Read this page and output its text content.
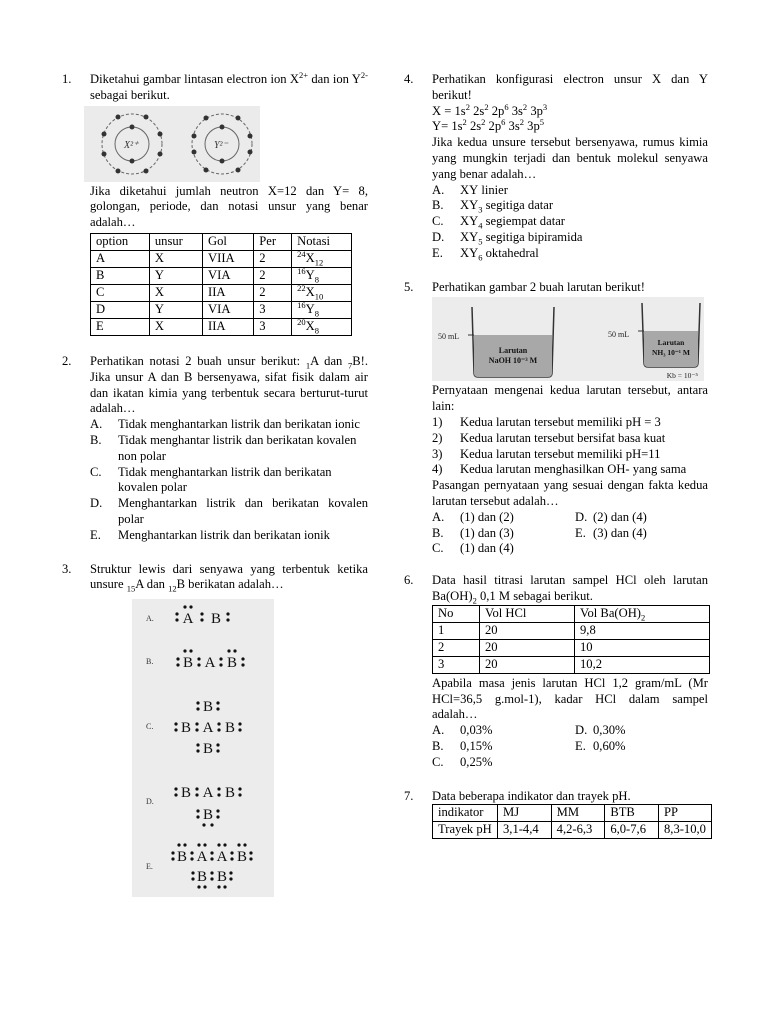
1.	Diketahui gambar lintasan electron ion $X^{2+}$ dan ion $Y^{2-}$ sebagai berikut.
X²⁺	Y²⁻
Jika diketahui jumlah neutron X=12 dan Y= 8, golongan, periode, dan notasi unsur yang benar adalah…
option	unsur	Gol	Per	Notasi
A	X	VIIA	2	$^{24}X_{12}$
B	Y	VIA	2	$^{16}Y_8$
C	X	IIA	2	$^{22}X_{10}$
D	Y	VIA	3	$^{16}Y_8$
E	X	IIA	3	$^{20}X_8$
2.	Perhatikan notasi 2 buah unsur berikut: $_1$A dan $_7$B!. Jika unsur A dan B bersenyawa, sifat fisik dalam air dan ikatan kimia yang terbentuk secara berturut-turut adalah…
A. Tidak menghantarkan listrik dan berikatan ionic
B. Tidak menghantar listrik dan berikatan kovalen non polar
C. Tidak menghantarkan listrik dan berikatan kovalen polar
D. Menghantarkan listrik dan berikatan kovalen polar
E. Menghantarkan listrik dan berikatan ionik
3.	Struktur lewis dari senyawa yang terbentuk ketika unsure $_{15}$A dan $_{12}$B berikatan adalah…
A.
B.
C.
D.
E.
A B
B A B
B
B A B
B
B A B
B
B A A B
B B
4.	Perhatikan konfigurasi electron unsur X dan Y berikut!
$X = 1s^2$ $2s^2$ $2p^6$ $3s^2$ $3p^3$
$Y= 1s^2$ $2s^2$ $2p^6$ $3s^2$ $3p^5$
Jika kedua unsure tersebut bersenyawa, rumus kimia yang mungkin terjadi dan bentuk molekul senyawa yang benar adalah…
A. XY linier
B. $XY_3$ segitiga datar
C. $XY_4$ segiempat datar
D. $XY_5$ segitiga bipiramida
E. $XY_6$ oktahedral
5.	Perhatikan gambar 2 buah larutan berikut!
50 mL
Larutan
NaOH 10⁻³ M
50 mL
Larutan
NH₃ 10⁻¹ M
Kb = 10⁻⁵
Pernyataan mengenai kedua larutan tersebut, antara lain:
1) Kedua larutan tersebut memiliki pH = 3
2) Kedua larutan tersebut bersifat basa kuat
3) Kedua larutan tersebut memiliki pH=11
4) Kedua larutan menghasilkan OH- yang sama
Pasangan pernyataan yang sesuai dengan fakta kedua larutan tersebut adalah…
A. (1) dan (2)	D. (2) dan (4)
B. (1) dan (3)	E. (3) dan (4)
C. (1) dan (4)
6.	Data hasil titrasi larutan sampel HCl oleh larutan $Ba(OH)_2$ 0,1 M sebagai berikut.
No	Vol HCl	Vol $Ba(OH)_2$
1	20	9,8
2	20	10
3	20	10,2
Apabila masa jenis larutan HCl 1,2 gram/mL (Mr HCl=36,5 g.mol-1), kadar HCl dalam sampel adalah…
A. 0,03%	D. 0,30%
B. 0,15%	E. 0,60%
C. 0,25%
7.	Data beberapa indikator dan trayek pH.
indikator	MJ	MM	BTB	PP
Trayek pH	3,1-4,4	4,2-6,3	6,0-7,6	8,3-10,0
